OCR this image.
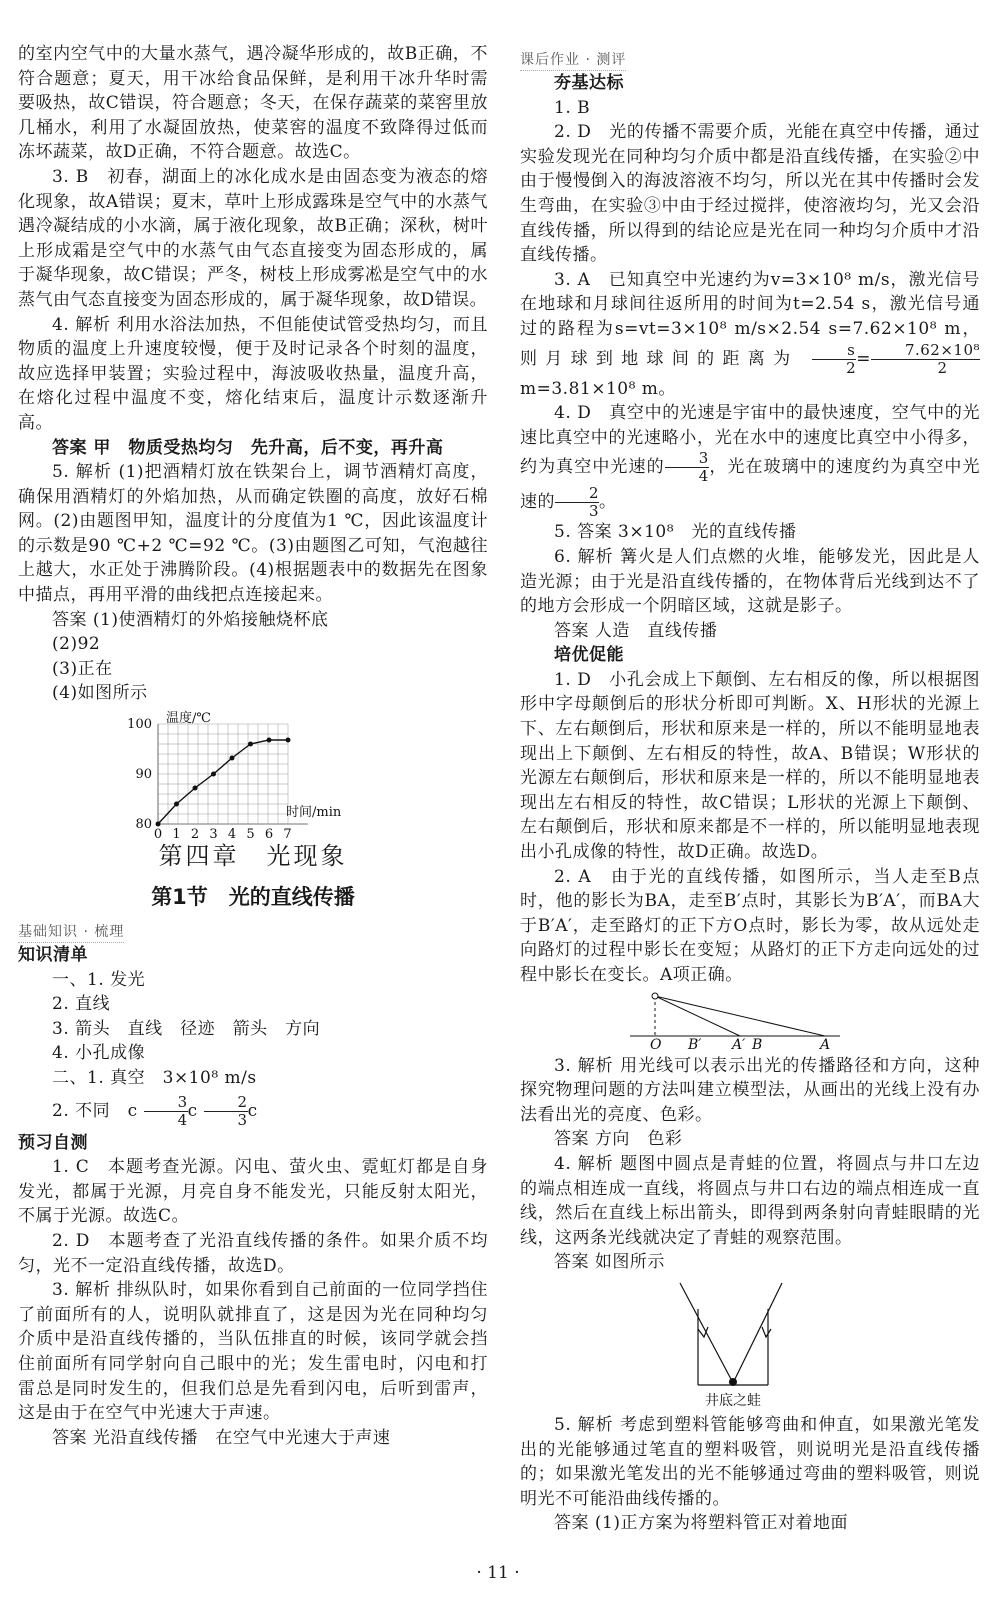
的室内空气中的大量水蒸气，遇冷凝华形成的，故B正确，不符合题意；夏天，用干冰给食品保鲜，是利用干冰升华时需要吸热，故C错误，符合题意；冬天，在保存蔬菜的菜窖里放几桶水，利用了水凝固放热，使菜窖的温度不致降得过低而冻坏蔬菜，故D正确，不符合题意。故选C。

3. B　初春，湖面上的冰化成水是由固态变为液态的熔化现象，故A错误；夏末，草叶上形成露珠是空气中的水蒸气遇冷凝结成的小水滴，属于液化现象，故B正确；深秋，树叶上形成霜是空气中的水蒸气由气态直接变为固态形成的，属于凝华现象，故C错误；严冬，树枝上形成雾凇是空气中的水蒸气由气态直接变为固态形成的，属于凝华现象，故D错误。

4. 解析 利用水浴法加热，不但能使试管受热均匀，而且物质的温度上升速度较慢，便于及时记录各个时刻的温度，故应选择甲装置；实验过程中，海波吸收热量，温度升高，在熔化过程中温度不变，熔化结束后，温度计示数逐渐升高。

答案 甲　物质受热均匀　先升高，后不变，再升高

5. 解析 (1)把酒精灯放在铁架台上，调节酒精灯高度，确保用酒精灯的外焰加热，从而确定铁圈的高度，放好石棉网。(2)由题图甲知，温度计的分度值为1 ℃，因此该温度计的示数是90 ℃+2 ℃=92 ℃。(3)由题图乙可知，气泡越往上越大，水正处于沸腾阶段。(4)根据题表中的数据先在图象中描点，再用平滑的曲线把点连接起来。

答案 (1)使酒精灯的外焰接触烧杯底

(2)92

(3)正在

(4)如图所示

温度/℃
时间/min
100
90
80
1 2 3 4 5 6 7
0
第四章　光现象
第1节　光的直线传播
基础知识 · 梳理

知识清单

一、1. 发光

2. 直线

3. 箭头　直线　径迹　箭头　方向

4. 小孔成像

二、1. 真空　3×10⁸ m/s

2. 不同　c $\frac{3}{4}$ c $\frac{2}{3}$ c

预习自测

1. C　本题考查光源。闪电、萤火虫、霓虹灯都是自身发光，都属于光源，月亮自身不能发光，只能反射太阳光，不属于光源。故选C。

2. D　本题考查了光沿直线传播的条件。如果介质不均匀，光不一定沿直线传播，故选D。

3. 解析 排纵队时，如果你看到自己前面的一位同学挡住了前面所有的人，说明队就排直了，这是因为光在同种均匀介质中是沿直线传播的，当队伍排直的时候，该同学就会挡住前面所有同学射向自己眼中的光；发生雷电时，闪电和打雷总是同时发生的，但我们总是先看到闪电，后听到雷声，这是由于在空气中光速大于声速。

答案 光沿直线传播　在空气中光速大于声速

课后作业 · 测评

夯基达标

1. B

2. D　光的传播不需要介质，光能在真空中传播，通过实验发现光在同种均匀介质中都是沿直线传播，在实验②中由于慢慢倒入的海波溶液不均匀，所以光在其中传播时会发生弯曲，在实验③中由于经过搅拌，使溶液均匀，光又会沿直线传播，所以得到的结论应是光在同一种均匀介质中才沿直线传播。

3. A　已知真空中光速约为v=3×10⁸ m/s，激光信号在地球和月球间往返所用的时间为t=2.54 s，激光信号通过的路程为s=vt=3×10⁸ m/s×2.54 s=7.62×10⁸ m，则月球到地球间的距离为 $\frac{s}{2} = \frac{\text{7.62×10⁸}}{2}$
m=3.81×10⁸ m。

4. D　真空中的光速是宇宙中的最快速度，空气中的光速比真空中的光速略小，光在水中的速度比真空中小得多，约为真空中光速的 $\frac{3}{4}$ ，光在玻璃中的速度约为真空中光速的 $\frac{2}{3}$ 。

5. 答案 3×10⁸　光的直线传播

6. 解析 篝火是人们点燃的火堆，能够发光，因此是人造光源；由于光是沿直线传播的，在物体背后光线到达不了的地方会形成一个阴暗区域，这就是影子。

答案 人造　直线传播

培优促能

1. D　小孔会成上下颠倒、左右相反的像，所以根据图形中字母颠倒后的形状分析即可判断。X、H形状的光源上下、左右颠倒后，形状和原来是一样的，所以不能明显地表现出上下颠倒、左右相反的特性，故A、B错误；W形状的光源左右颠倒后，形状和原来是一样的，所以不能明显地表现出左右相反的特性，故C错误；L形状的光源上下颠倒、左右颠倒后，形状和原来都是不一样的，所以能明显地表现出小孔成像的特性，故D正确。故选D。

2. A　由于光的直线传播，如图所示，当人走至B点时，他的影长为BA，走至B′点时，其影长为B′A′，而BA大于B′A′，走至路灯的正下方O点时，影长为零，故从远处走向路灯的过程中影长在变短；从路灯的正下方走向远处的过程中影长在变长。A项正确。

O B′ A′ B	A

3. 解析 用光线可以表示出光的传播路径和方向，这种探究物理问题的方法叫建立模型法，从画出的光线上没有办法看出光的亮度、色彩。

答案 方向　色彩

4. 解析 题图中圆点是青蛙的位置，将圆点与井口左边的端点相连成一直线，将圆点与井口右边的端点相连成一直线，然后在直线上标出箭头，即得到两条射向青蛙眼睛的光线，这两条光线就决定了青蛙的观察范围。

答案 如图所示

井底之蛙

5. 解析 考虑到塑料管能够弯曲和伸直，如果激光笔发出的光能够通过笔直的塑料吸管，则说明光是沿直线传播的；如果激光笔发出的光不能够通过弯曲的塑料吸管，则说明光不可能沿曲线传播的。

答案 (1)正方案为将塑料管正对着地面

· 11 ·
